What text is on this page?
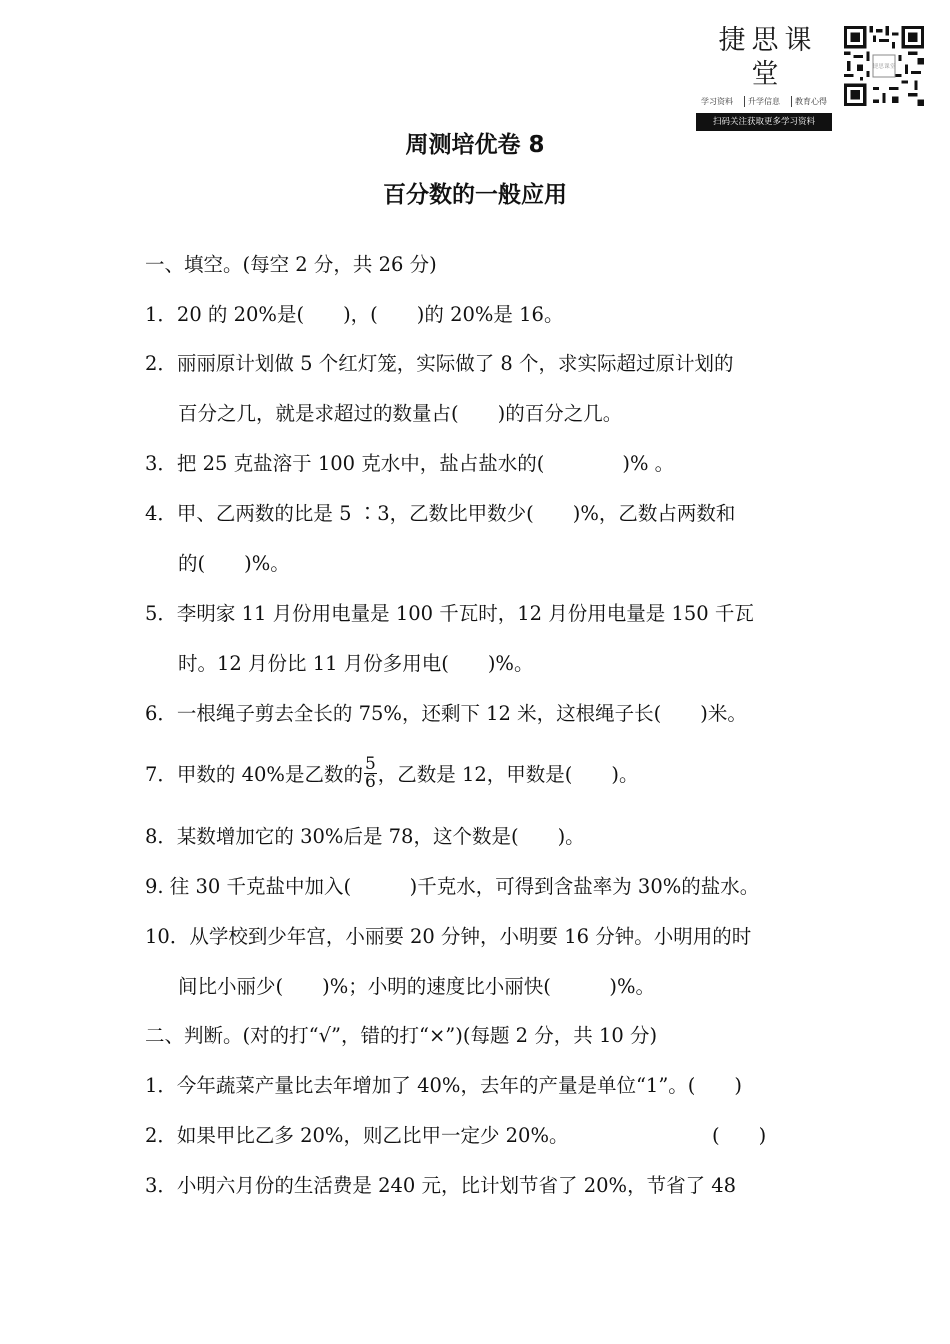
捷思课堂
学习资料	升学信息	教育心得
扫码关注获取更多学习资料
捷思课堂
周测培优卷 8
百分数的一般应用
一、填空。(每空 2 分，共 26 分)
1．20 的 20%是(　　)，(　　)的 20%是 16。
2．丽丽原计划做 5 个红灯笼，实际做了 8 个，求实际超过原计划的
百分之几，就是求超过的数量占(　　)的百分之几。
3．把 25 克盐溶于 100 克水中，盐占盐水的(　　　　)% 。
4．甲、乙两数的比是 5 ∶3，乙数比甲数少(　　)%，乙数占两数和
的(　　)%。
5．李明家 11 月份用电量是 100 千瓦时，12 月份用电量是 150 千瓦
时。12 月份比 11 月份多用电(　　)%。
6．一根绳子剪去全长的 75%，还剩下 12 米，这根绳子长(　　)米。
7．甲数的 40%是乙数的 $\frac{5}{6}$ ，乙数是 12，甲数是(　　)。
8．某数增加它的 30%后是 78，这个数是(　　)。
9. 往 30 千克盐中加入(　　　)千克水，可得到含盐率为 30%的盐水。
10．从学校到少年宫，小丽要 20 分钟，小明要 16 分钟。小明用的时
间比小丽少(　　)%；小明的速度比小丽快(　　　)%。
二、判断。(对的打“√”，错的打“×”)(每题 2 分，共 10 分)
1．今年蔬菜产量比去年增加了 40%，去年的产量是单位“1”。(　　)
2．如果甲比乙多 20%，则乙比甲一定少 20%。	(　　)
3．小明六月份的生活费是 240 元，比计划节省了 20%，节省了 48
